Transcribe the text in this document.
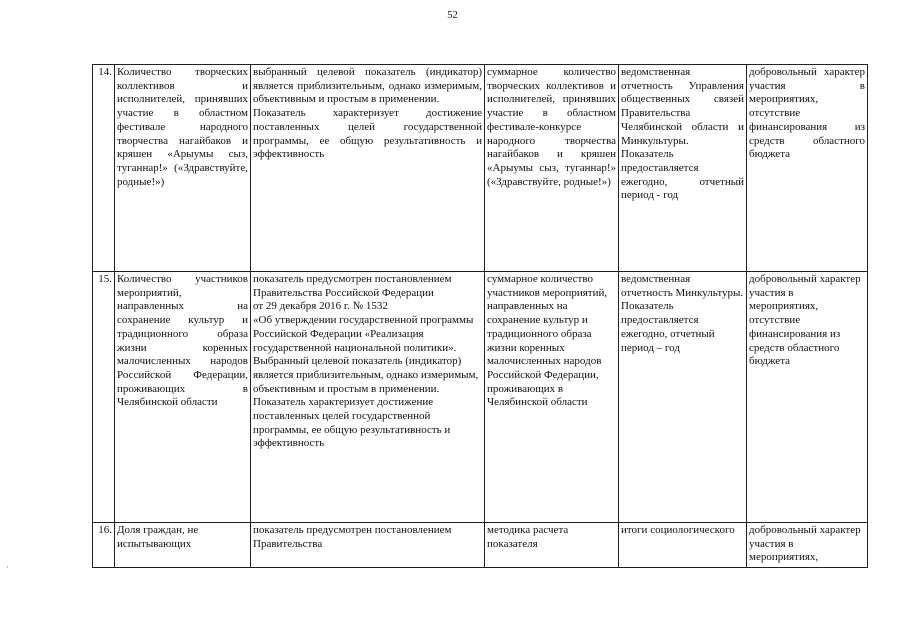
52
14.	Количество творческих коллективов и исполнителей, принявших участие в областном фестивале народного творчества нагайбаков и кряшен «Арыумы сыз, туганнар!» («Здравствуйте, родные!»)	выбранный целевой показатель (индикатор) является приблизительным, однако измеримым, объективным и простым в применении.
Показатель характеризует достижение поставленных целей государственной программы, ее общую результативность и эффективность	суммарное количество творческих коллективов и исполнителей, принявших участие в областном фестивале-конкурсе народного творчества нагайбаков и кряшен «Арыумы сыз, туганнар!» («Здравствуйте, родные!»)	ведомственная отчетность Управления общественных связей Правительства Челябинской области и Минкультуры. Показатель предоставляется ежегодно, отчетный период - год	добровольный характер участия в мероприятиях, отсутствие финансирования из средств областного бюджета

15.	Количество участников мероприятий, направленных на сохранение культур и традиционного образа жизни коренных малочисленных народов Российской Федерации, проживающих в Челябинской области	показатель предусмотрен постановлением Правительства Российской Федерации
от 29 декабря 2016 г. № 1532
«Об утверждении государственной программы Российской Федерации «Реализация государственной национальной политики».
Выбранный целевой показатель (индикатор) является приблизительным, однако измеримым, объективным и простым в применении.
Показатель характеризует достижение поставленных целей государственной программы, ее общую результативность и эффективность	суммарное количество участников мероприятий, направленных на сохранение культур и традиционного образа жизни коренных малочисленных народов Российской Федерации, проживающих в Челябинской области	ведомственная отчетность Минкультуры. Показатель предоставляется ежегодно, отчетный период – год	добровольный характер участия в мероприятиях, отсутствие финансирования из средств областного бюджета

16.	Доля граждан, не испытывающих	показатель предусмотрен постановлением Правительства	методика расчета показателя	итоги социологического	добровольный характер участия в мероприятиях,
·
